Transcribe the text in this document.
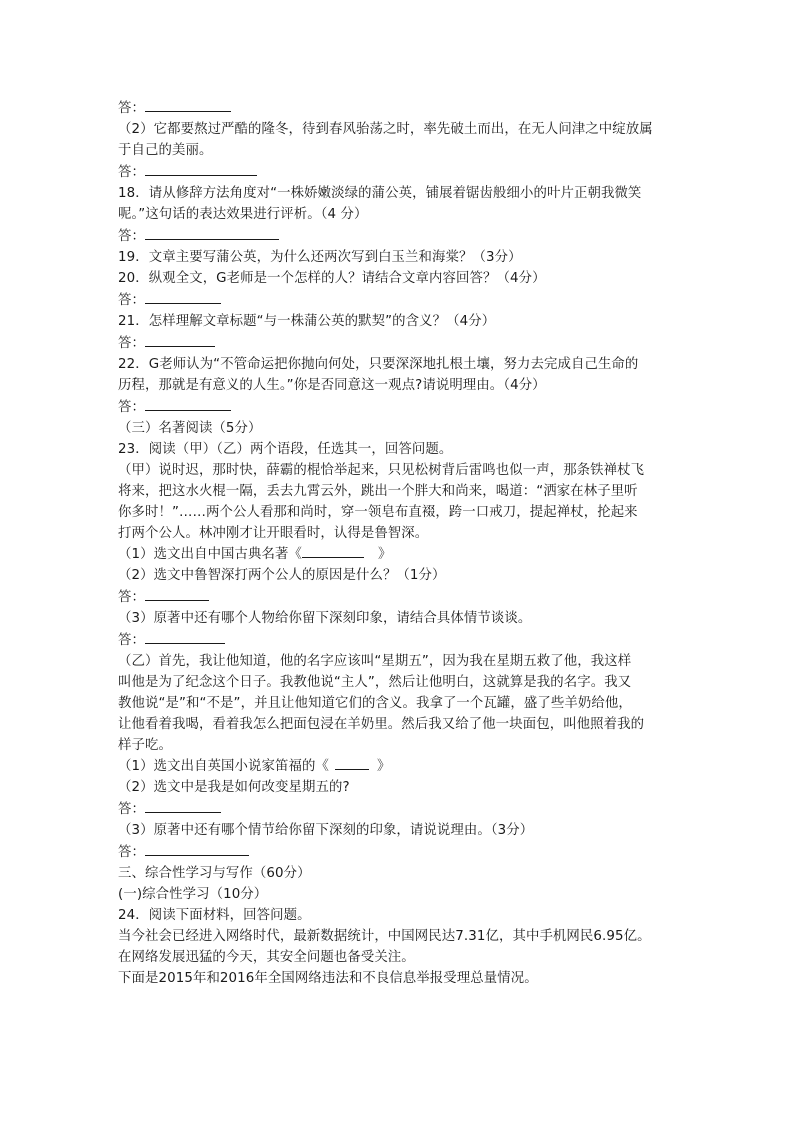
答：
（2）它都要熬过严酷的隆冬，待到春风骀荡之时，率先破土而出，在无人问津之中绽放属
于自己的美丽。
答：
18．请从修辞方法角度对“一株娇嫩淡绿的蒲公英，铺展着锯齿般细小的叶片正朝我微笑
呢。”这句话的表达效果进行评析。（4 分）
答：
19．文章主要写蒲公英，为什么还两次写到白玉兰和海棠？（3分）
20．纵观全文，G老师是一个怎样的人？请结合文章内容回答？（4分）
答：
21．怎样理解文章标题“与一株蒲公英的默契”的含义？（4分）
答：
22．G老师认为“不管命运把你抛向何处，只要深深地扎根土壤，努力去完成自己生命的
历程，那就是有意义的人生。”你是否同意这一观点?请说明理由。（4分）
答：
（三）名著阅读（5分）
23．阅读（甲）（乙）两个语段，任选其一，回答问题。
（甲）说时迟，那时快，薛霸的棍恰举起来，只见松树背后雷鸣也似一声，那条铁禅杖飞
将来，把这水火棍一隔，丢去九霄云外，跳出一个胖大和尚来，喝道：“洒家在林子里听
你多时！”……两个公人看那和尚时，穿一领皂布直裰，跨一口戒刀，提起禅杖，抡起来
打两个公人。林冲刚才让开眼看时，认得是鲁智深。
（1）选文出自中国古典名著《	》
（2）选文中鲁智深打两个公人的原因是什么？（1分）
答：
（3）原著中还有哪个人物给你留下深刻印象，请结合具体情节谈谈。
答：
（乙）首先，我让他知道，他的名字应该叫“星期五”，因为我在星期五救了他，我这样
叫他是为了纪念这个日子。我教他说“主人”，然后让他明白，这就算是我的名字。我又
教他说“是”和“不是”，并且让他知道它们的含义。我拿了一个瓦罐，盛了些羊奶给他，
让他看着我喝，看着我怎么把面包浸在羊奶里。然后我又给了他一块面包，叫他照着我的
样子吃。
（1）选文出自英国小说家笛福的《	》
（2）选文中是我是如何改变星期五的?
答：
（3）原著中还有哪个情节给你留下深刻的印象，请说说理由。（3分）
答：
三、综合性学习与写作（60分）
(一)综合性学习（10分）
24．阅读下面材料，回答问题。
当今社会已经进入网络时代，最新数据统计，中国网民达7.31亿，其中手机网民6.95亿。
在网络发展迅猛的今天，其安全问题也备受关注。
下面是2015年和2016年全国网络违法和不良信息举报受理总量情况。
